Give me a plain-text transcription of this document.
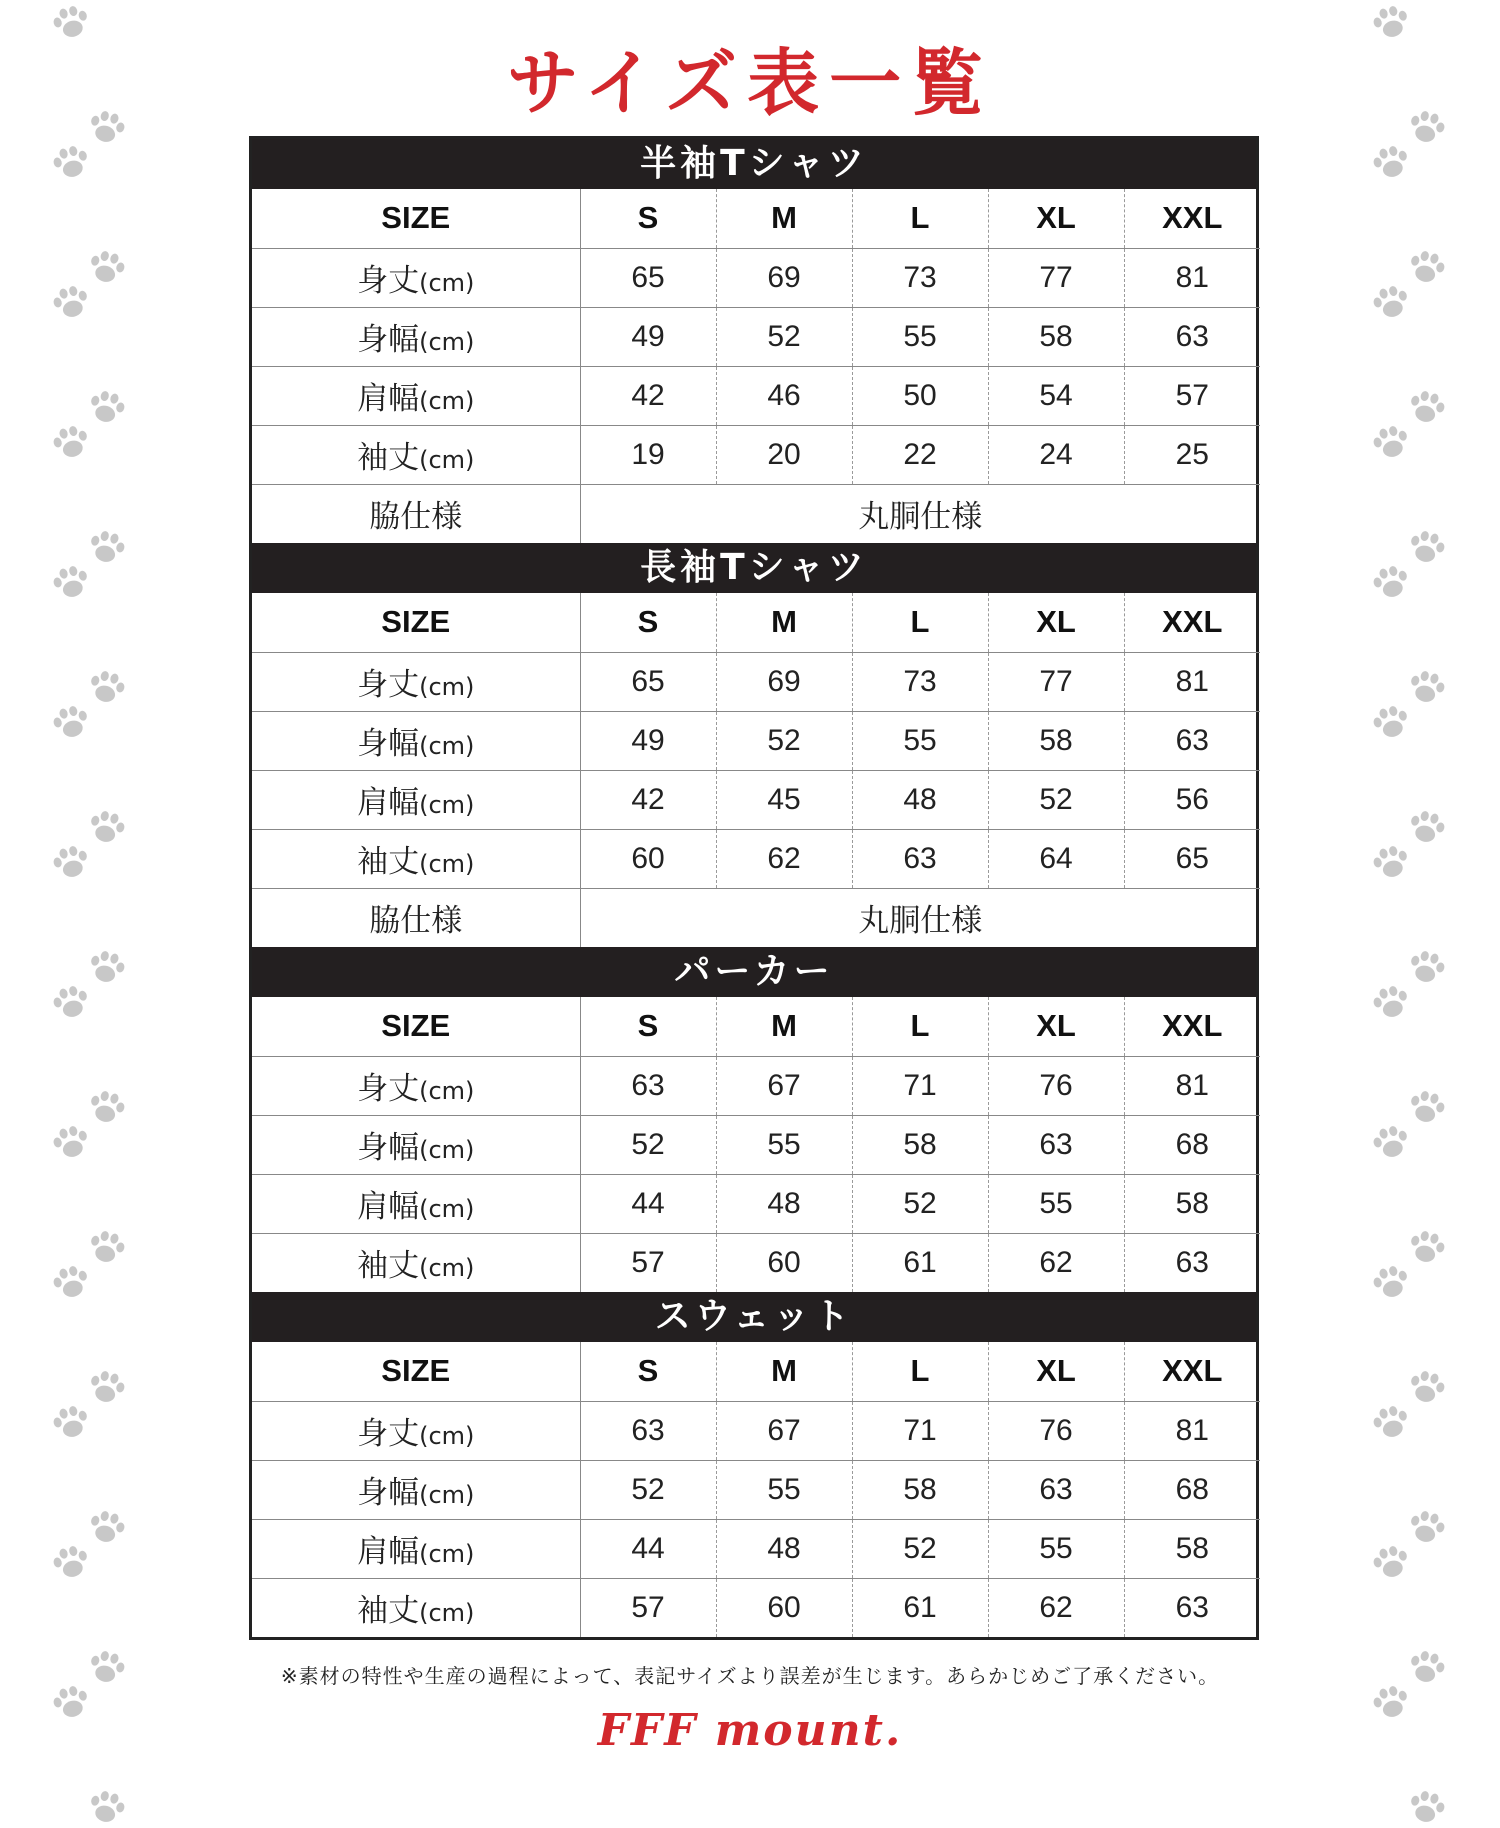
サイズ表一覧
半袖Tシャツ
SIZE	S	M	L	XL	XXL
身丈(cm)	65	69	73	77	81
身幅(cm)	49	52	55	58	63
肩幅(cm)	42	46	50	54	57
袖丈(cm)	19	20	22	24	25
脇仕様	丸胴仕様				
長袖Tシャツ
SIZE	S	M	L	XL	XXL
身丈(cm)	65	69	73	77	81
身幅(cm)	49	52	55	58	63
肩幅(cm)	42	45	48	52	56
袖丈(cm)	60	62	63	64	65
脇仕様	丸胴仕様				
パーカー
SIZE	S	M	L	XL	XXL
身丈(cm)	63	67	71	76	81
身幅(cm)	52	55	58	63	68
肩幅(cm)	44	48	52	55	58
袖丈(cm)	57	60	61	62	63
スウェット
SIZE	S	M	L	XL	XXL
身丈(cm)	63	67	71	76	81
身幅(cm)	52	55	58	63	68
肩幅(cm)	44	48	52	55	58
袖丈(cm)	57	60	61	62	63
※素材の特性や生産の過程によって、表記サイズより誤差が生じます。あらかじめご了承ください。
FFF mount.
